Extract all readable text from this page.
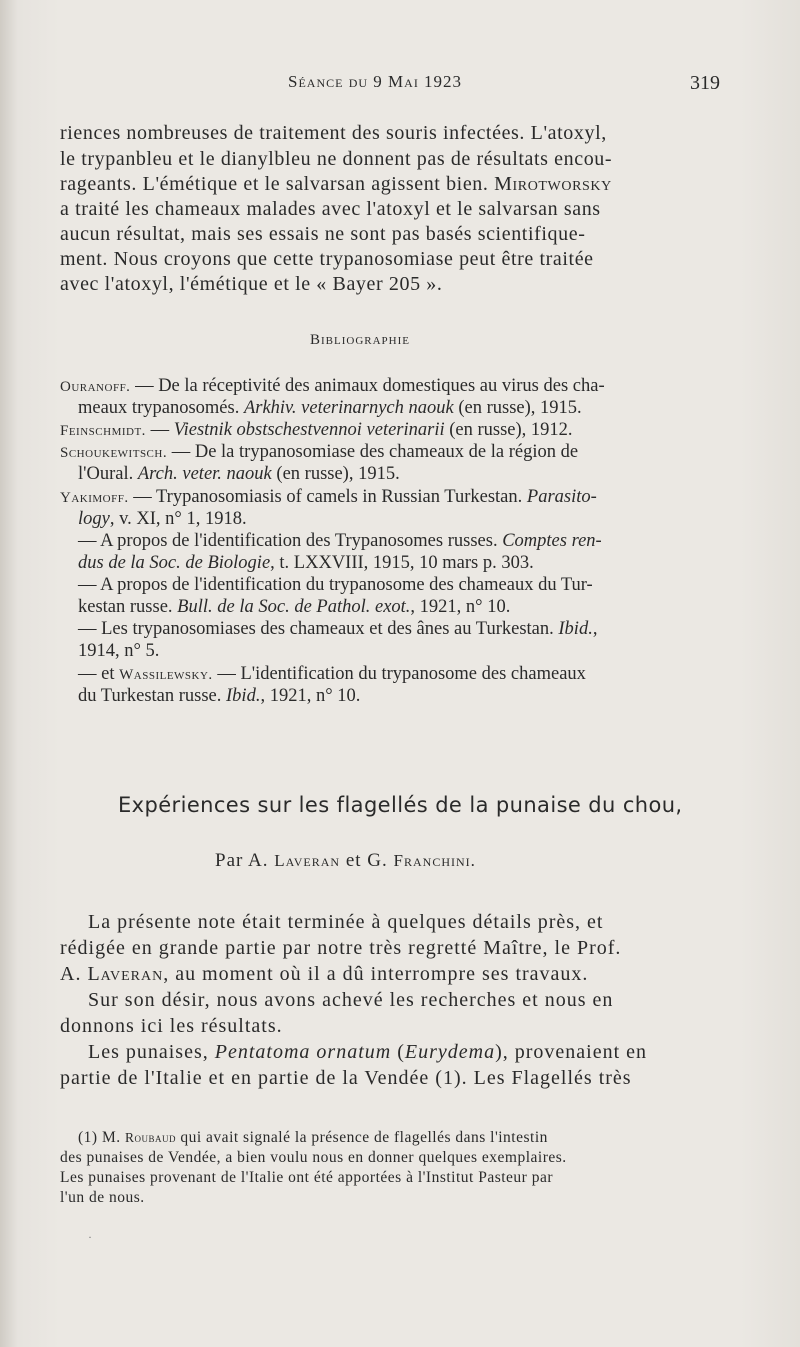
Séance du 9 Mai 1923	319
riences nombreuses de traitement des souris infectées. L'atoxyl,
le trypanbleu et le dianylbleu ne donnent pas de résultats encou-
rageants. L'émétique et le salvarsan agissent bien. Mirotworsky
a traité les chameaux malades avec l'atoxyl et le salvarsan sans
aucun résultat, mais ses essais ne sont pas basés scientifique-
ment. Nous croyons que cette trypanosomiase peut être traitée
avec l'atoxyl, l'émétique et le « Bayer 205 ».
Bibliographie
Ouranoff. — De la réceptivité des animaux domestiques au virus des cha-
meaux trypanosomés. Arkhiv. veterinarnych naouk (en russe), 1915.
Feinschmidt. — Viestnik obstschestvennoi veterinarii (en russe), 1912.
Schoukewitsch. — De la trypanosomiase des chameaux de la région de
l'Oural. Arch. veter. naouk (en russe), 1915.
Yakimoff. — Trypanosomiasis of camels in Russian Turkestan. Parasito-
logy, v. XI, n° 1, 1918.
— A propos de l'identification des Trypanosomes russes. Comptes ren-
dus de la Soc. de Biologie, t. LXXVIII, 1915, 10 mars p. 303.
— A propos de l'identification du trypanosome des chameaux du Tur-
kestan russe. Bull. de la Soc. de Pathol. exot., 1921, n° 10.
— Les trypanosomiases des chameaux et des ânes au Turkestan. Ibid.,
1914, n° 5.
— et Wassilewsky. — L'identification du trypanosome des chameaux
du Turkestan russe. Ibid., 1921, n° 10.
Expériences sur les flagellés de la punaise du chou,
Par A. Laveran et G. Franchini.
La présente note était terminée à quelques détails près, et
rédigée en grande partie par notre très regretté Maître, le Prof.
A. Laveran, au moment où il a dû interrompre ses travaux.
Sur son désir, nous avons achevé les recherches et nous en
donnons ici les résultats.
Les punaises, Pentatoma ornatum (Eurydema), provenaient en
partie de l'Italie et en partie de la Vendée (1). Les Flagellés très
(1) M. Roubaud qui avait signalé la présence de flagellés dans l'intestin
des punaises de Vendée, a bien voulu nous en donner quelques exemplaires.
Les punaises provenant de l'Italie ont été apportées à l'Institut Pasteur par
l'un de nous.
·
